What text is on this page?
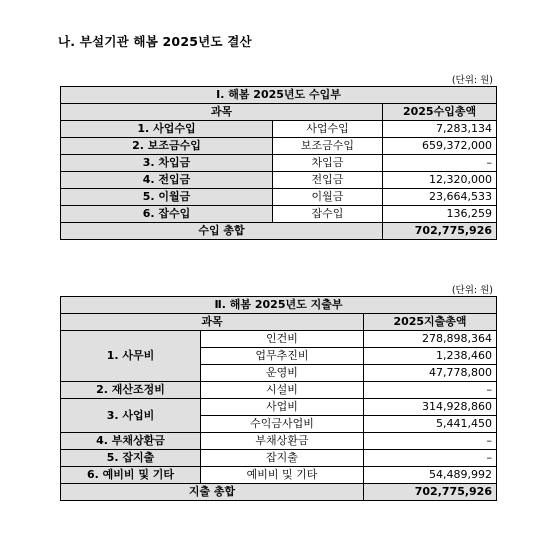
나. 부설기관 해봄 2025년도 결산
(단위: 원)
Ⅰ. 해봄 2025년도 수입부		
과목		2025수입총액
1. 사업수입	사업수입	7,283,134
2. 보조금수입	보조금수입	659,372,000
3. 차입금	차입금	–
4. 전입금	전입금	12,320,000
5. 이월금	이월금	23,664,533
6. 잡수입	잡수입	136,259
수입 총합		702,775,926
(단위: 원)
Ⅱ. 해봄 2025년도 지출부		
과목		2025지출총액
1. 사무비	인건비	278,898,364
	업무추진비	1,238,460
	운영비	47,778,800
2. 재산조정비	시설비	–
3. 사업비	사업비	314,928,860
	수익금사업비	5,441,450
4. 부채상환금	부채상환금	–
5. 잡지출	잡지출	–
6. 예비비 및 기타	예비비 및 기타	54,489,992
지출 총합		702,775,926
